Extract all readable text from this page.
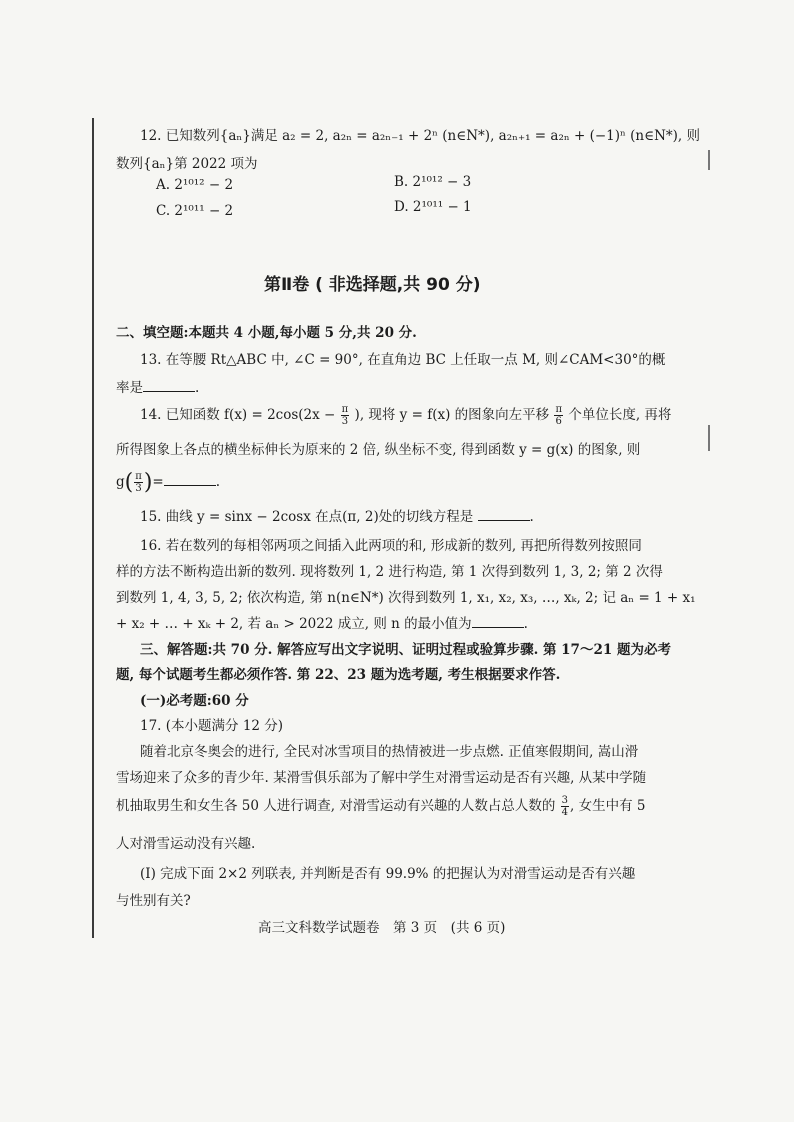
12. 已知数列{aₙ}满足 a₂ = 2, a₂ₙ = a₂ₙ₋₁ + 2ⁿ (n∈N*), a₂ₙ₊₁ = a₂ₙ + (−1)ⁿ (n∈N*), 则
数列{aₙ}第 2022 项为
A. 2¹⁰¹² − 2	B. 2¹⁰¹² − 3
C. 2¹⁰¹¹ − 2	D. 2¹⁰¹¹ − 1
第Ⅱ卷 ( 非选择题,共 90 分)
二、填空题:本题共 4 小题,每小题 5 分,共 20 分.
13. 在等腰 Rt△ABC 中, ∠C = 90°, 在直角边 BC 上任取一点 M, 则∠CAM<30°的概
率是	.
14. 已知函数 $f(x) = 2\cos(2x - \frac{\pi}{3}$ ), 现将 y = f(x) 的图象向左平移 $\frac{\pi}{6}$ 个单位长度, 再将
所得图象上各点的横坐标伸长为原来的 2 倍, 纵坐标不变, 得到函数 y = g(x) 的图象, 则
$g( \frac{\pi}{3}$ )=	.
15. 曲线 y = sinx − 2cosx 在点(π, 2)处的切线方程是	.
16. 若在数列的每相邻两项之间插入此两项的和, 形成新的数列, 再把所得数列按照同
样的方法不断构造出新的数列. 现将数列 1, 2 进行构造, 第 1 次得到数列 1, 3, 2; 第 2 次得
到数列 1, 4, 3, 5, 2; 依次构造, 第 n(n∈N*) 次得到数列 1, x₁, x₂, x₃, …, xₖ, 2; 记 aₙ = 1 + x₁
+ x₂ + … + xₖ + 2, 若 aₙ > 2022 成立, 则 n 的最小值为	.
三、解答题:共 70 分. 解答应写出文字说明、证明过程或验算步骤. 第 17～21 题为必考
题, 每个试题考生都必须作答. 第 22、23 题为选考题, 考生根据要求作答.
(一)必考题:60 分
17. (本小题满分 12 分)
随着北京冬奥会的进行, 全民对冰雪项目的热情被进一步点燃. 正值寒假期间, 嵩山滑
雪场迎来了众多的青少年. 某滑雪俱乐部为了解中学生对滑雪运动是否有兴趣, 从某中学随
机抽取男生和女生各 50 人进行调查, 对滑雪运动有兴趣的人数占总人数的 $\frac{3}{4}$ , 女生中有 5
人对滑雪运动没有兴趣.
(Ⅰ) 完成下面 2×2 列联表, 并判断是否有 99.9% 的把握认为对滑雪运动是否有兴趣
与性别有关?
高三文科数学试题卷　第 3 页　(共 6 页)
